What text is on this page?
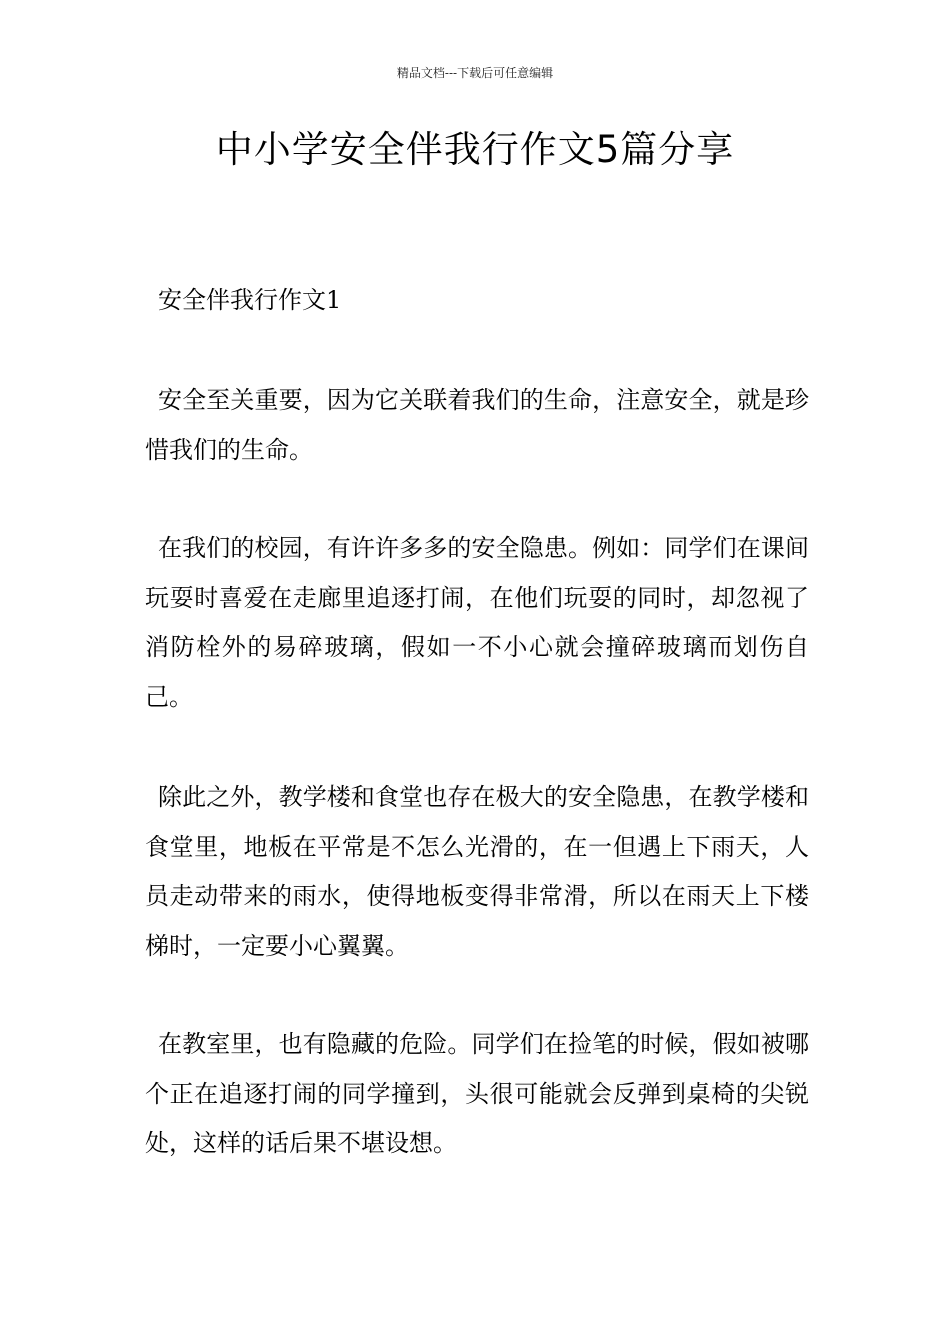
精品文档---下载后可任意编辑
中小学安全伴我行作文5篇分享
安全伴我行作文1

安全至关重要，因为它关联着我们的生命，注意安全，就是珍惜我们的生命。

在我们的校园，有许许多多的安全隐患。例如：同学们在课间玩耍时喜爱在走廊里追逐打闹，在他们玩耍的同时，却忽视了消防栓外的易碎玻璃，假如一不小心就会撞碎玻璃而划伤自己。

除此之外，教学楼和食堂也存在极大的安全隐患，在教学楼和食堂里，地板在平常是不怎么光滑的，在一但遇上下雨天，人员走动带来的雨水，使得地板变得非常滑，所以在雨天上下楼梯时，一定要小心翼翼。

在教室里，也有隐藏的危险。同学们在捡笔的时候，假如被哪个正在追逐打闹的同学撞到，头很可能就会反弹到桌椅的尖锐处，这样的话后果不堪设想。
